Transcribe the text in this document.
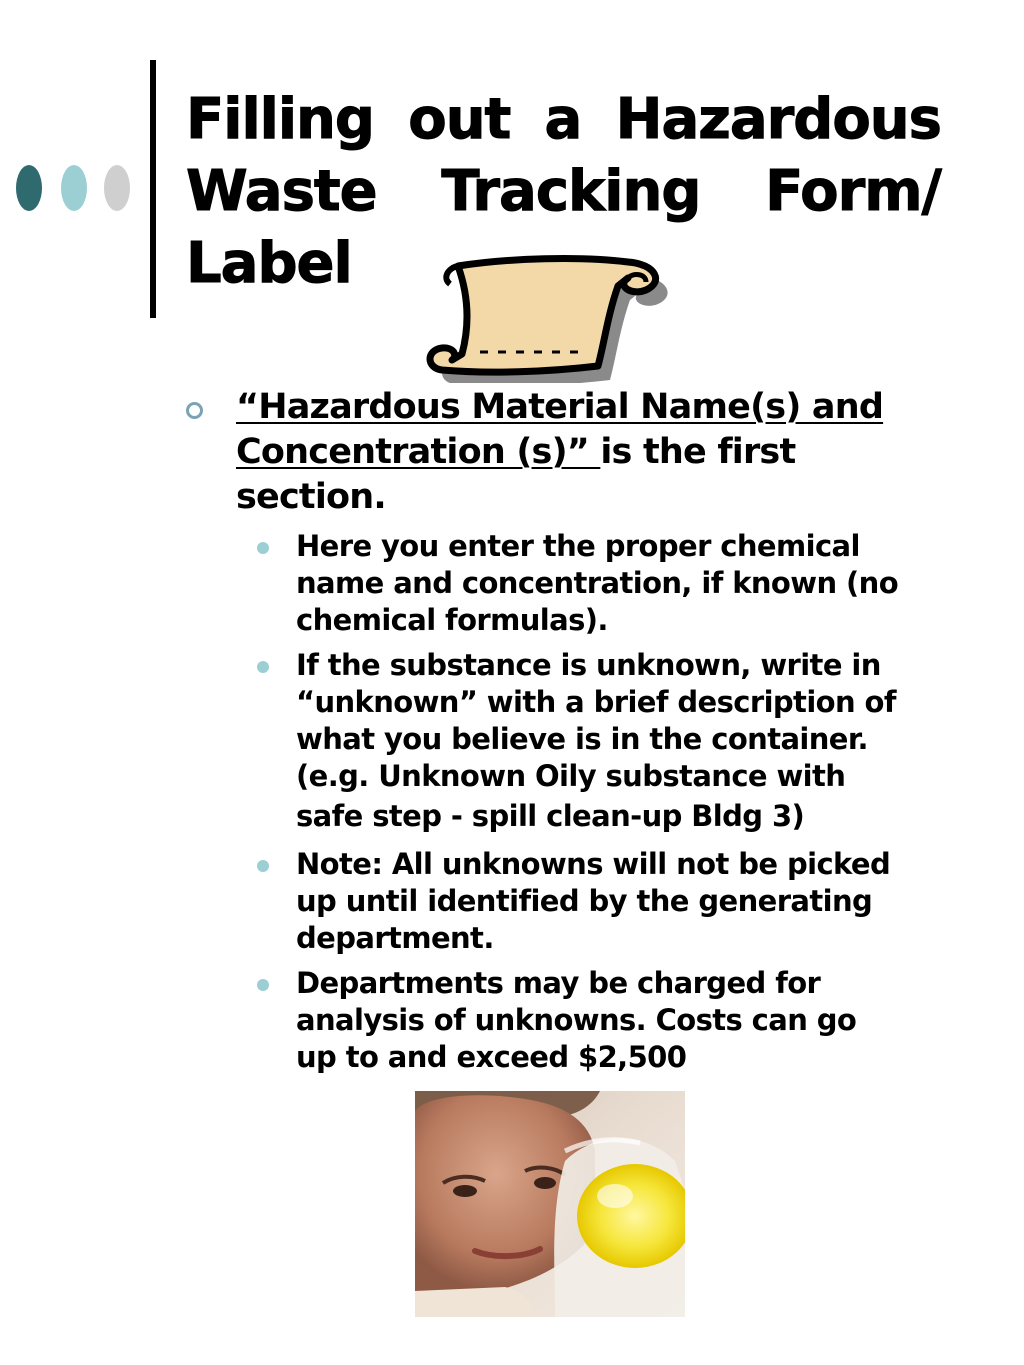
Filling out a Hazardous
Waste Tracking Form/
Label
“Hazardous Material Name(s) and
Concentration (s)” is the first
section.
Here you enter the proper chemical
name and concentration, if known (no
chemical formulas).
If the substance is unknown, write in
“unknown” with a brief description of
what you believe is in the container.
(e.g. Unknown Oily substance with
safe step - spill clean-up Bldg 3)
Note: All unknowns will not be picked
up until identified by the generating
department.
Departments may be charged for
analysis of unknowns. Costs can go
up to and exceed $2,500
